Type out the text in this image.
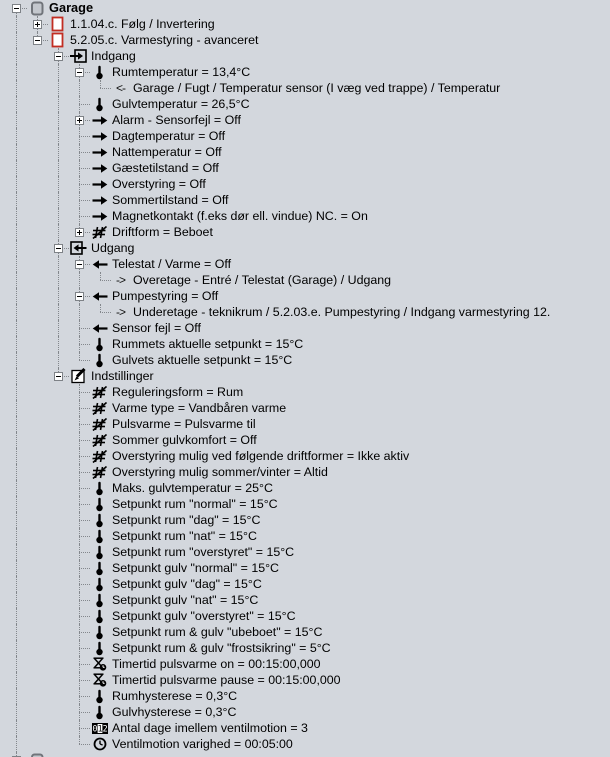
Garage
1.1.04.c. Følg / Invertering
5.2.05.c. Varmestyring - avanceret
Indgang
Rumtemperatur = 13,4°C
<- Garage / Fugt / Temperatur sensor (I væg ved trappe) / Temperatur
Gulvtemperatur = 26,5°C
Alarm - Sensorfejl = Off
Dagtemperatur = Off
Nattemperatur = Off
Gæstetilstand = Off
Overstyring = Off
Sommertilstand = Off
Magnetkontakt (f.eks dør ell. vindue) NC. = On
Driftform = Beboet
Udgang
Telestat / Varme = Off
-> Overetage - Entré / Telestat (Garage) / Udgang
Pumpestyring = Off
-> Underetage - teknikrum / 5.2.03.e. Pumpestyring / Indgang varmestyring 12.
Sensor fejl = Off
Rummets aktuelle setpunkt = 15°C
Gulvets aktuelle setpunkt = 15°C
Indstillinger
Reguleringsform = Rum
Varme type = Vandbåren varme
Pulsvarme = Pulsvarme til
Sommer gulvkomfort = Off
Overstyring mulig ved følgende driftformer = Ikke aktiv
Overstyring mulig sommer/vinter = Altid
Maks. gulvtemperatur = 25°C
Setpunkt rum "normal" = 15°C
Setpunkt rum "dag" = 15°C
Setpunkt rum "nat" = 15°C
Setpunkt rum "overstyret" = 15°C
Setpunkt gulv "normal" = 15°C
Setpunkt gulv "dag" = 15°C
Setpunkt gulv "nat" = 15°C
Setpunkt gulv "overstyret" = 15°C
Setpunkt rum & gulv "ubeboet" = 15°C
Setpunkt rum & gulv "frostsikring" = 5°C
Timertid pulsvarme on = 00:15:00,000
Timertid pulsvarme pause = 00:15:00,000
Rumhysterese = 0,3°C
Gulvhysterese = 0,3°C
0 1 2 Antal dage imellem ventilmotion = 3
Ventilmotion varighed = 00:05:00
